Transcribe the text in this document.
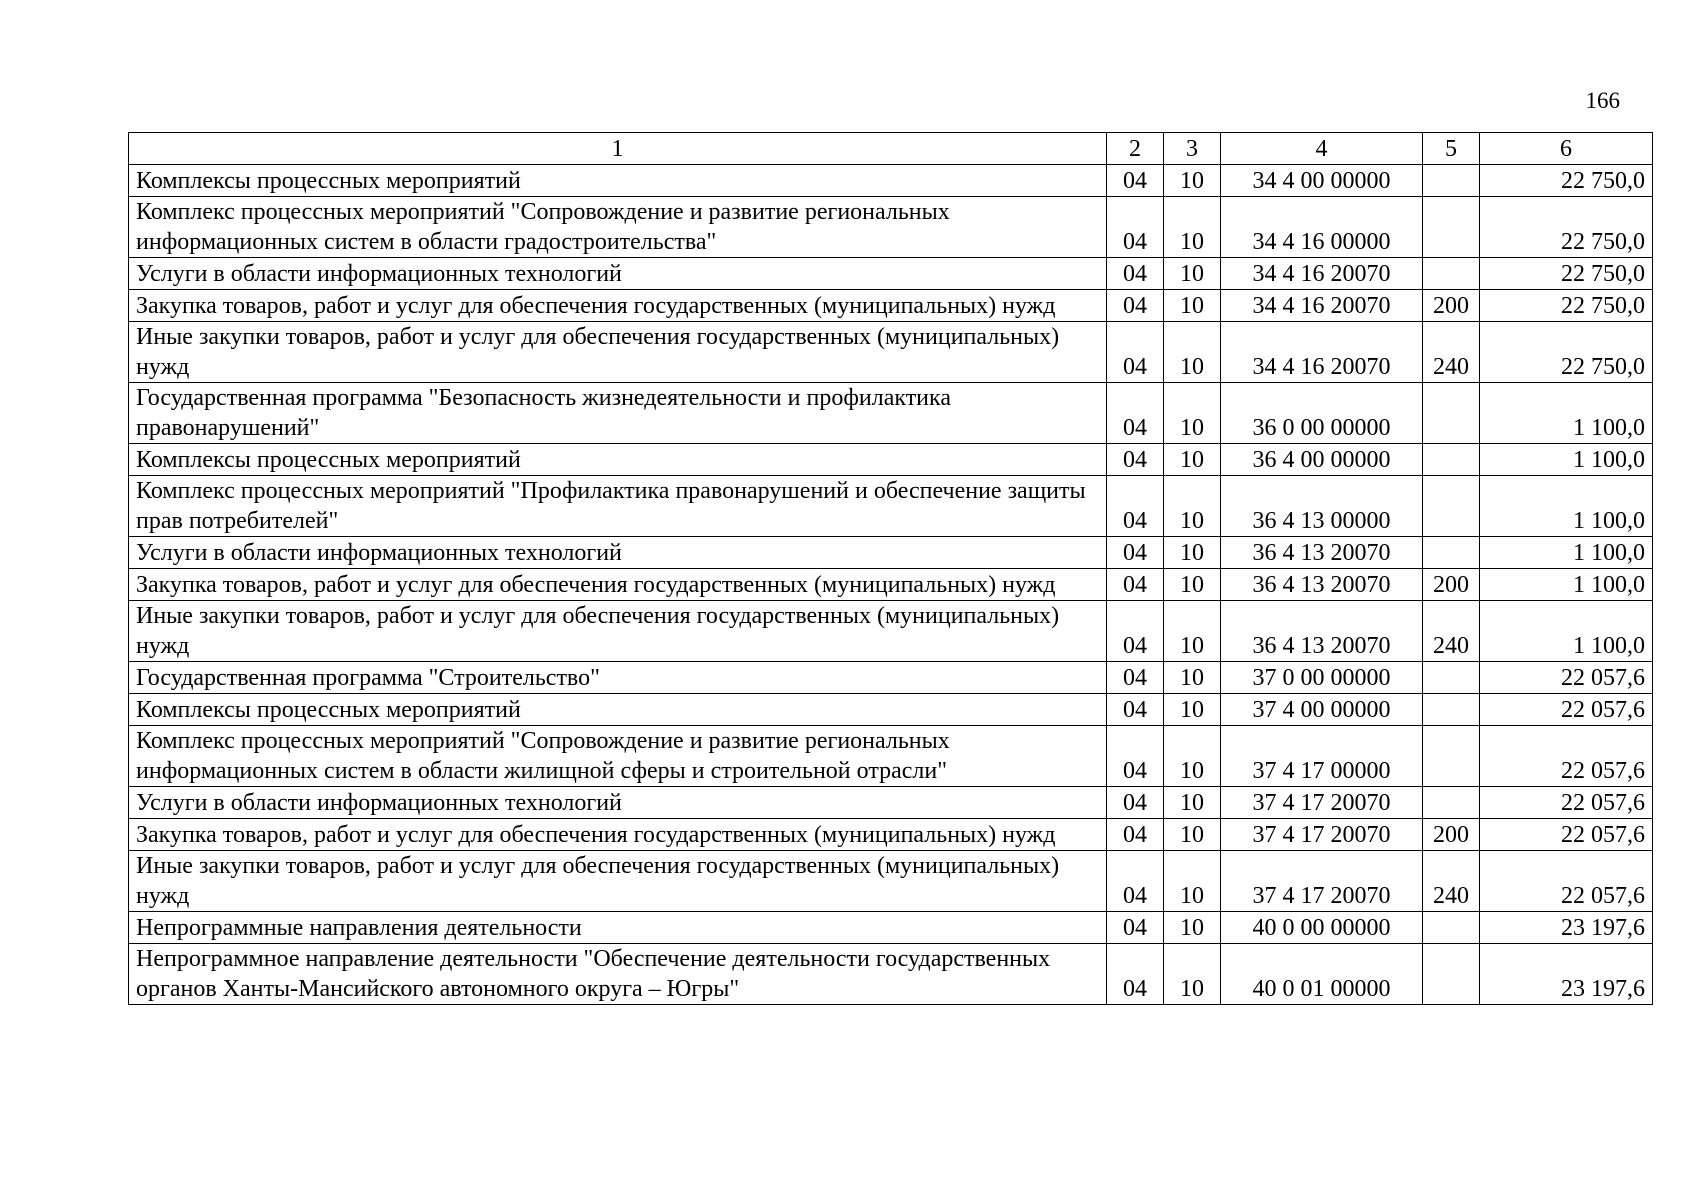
166
1	2	3	4	5	6
Комплексы процессных мероприятий	04	10	34 4 00 00000		22 750,0
Комплекс процессных мероприятий "Сопровождение и развитие региональных информационных систем в области градостроительства"	04	10	34 4 16 00000		22 750,0
Услуги в области информационных технологий	04	10	34 4 16 20070		22 750,0
Закупка товаров, работ и услуг для обеспечения государственных (муниципальных) нужд	04	10	34 4 16 20070	200	22 750,0
Иные закупки товаров, работ и услуг для обеспечения государственных (муниципальных) нужд	04	10	34 4 16 20070	240	22 750,0
Государственная программа "Безопасность жизнедеятельности и профилактика правонарушений"	04	10	36 0 00 00000		1 100,0
Комплексы процессных мероприятий	04	10	36 4 00 00000		1 100,0
Комплекс процессных мероприятий "Профилактика правонарушений и обеспечение защиты прав потребителей"	04	10	36 4 13 00000		1 100,0
Услуги в области информационных технологий	04	10	36 4 13 20070		1 100,0
Закупка товаров, работ и услуг для обеспечения государственных (муниципальных) нужд	04	10	36 4 13 20070	200	1 100,0
Иные закупки товаров, работ и услуг для обеспечения государственных (муниципальных) нужд	04	10	36 4 13 20070	240	1 100,0
Государственная программа "Строительство"	04	10	37 0 00 00000		22 057,6
Комплексы процессных мероприятий	04	10	37 4 00 00000		22 057,6
Комплекс процессных мероприятий "Сопровождение и развитие региональных информационных систем в области жилищной сферы и строительной отрасли"	04	10	37 4 17 00000		22 057,6
Услуги в области информационных технологий	04	10	37 4 17 20070		22 057,6
Закупка товаров, работ и услуг для обеспечения государственных (муниципальных) нужд	04	10	37 4 17 20070	200	22 057,6
Иные закупки товаров, работ и услуг для обеспечения государственных (муниципальных) нужд	04	10	37 4 17 20070	240	22 057,6
Непрограммные направления деятельности	04	10	40 0 00 00000		23 197,6
Непрограммное направление деятельности "Обеспечение деятельности государственных органов Ханты-Мансийского автономного округа – Югры"	04	10	40 0 01 00000		23 197,6
